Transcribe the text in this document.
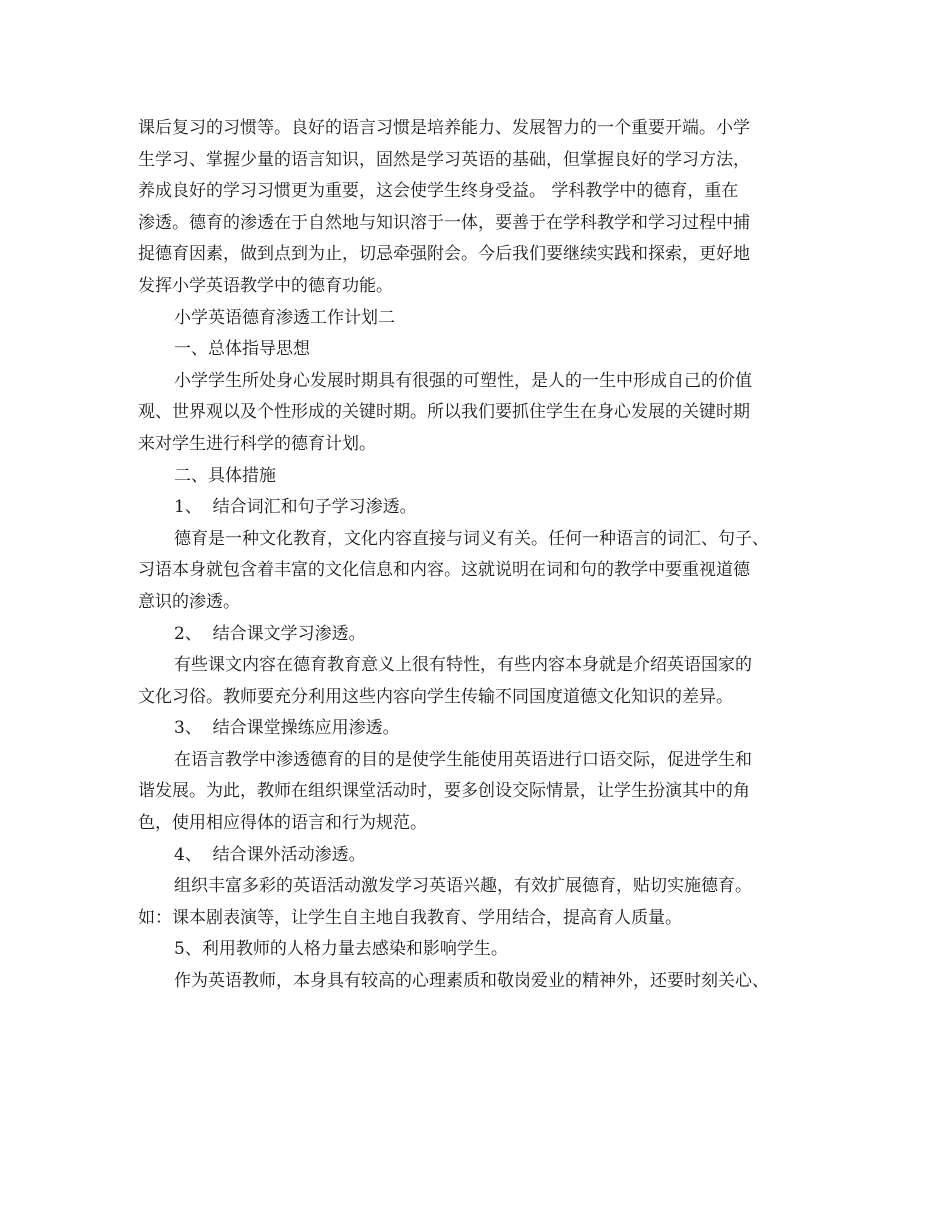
课后复习的习惯等。良好的语言习惯是培养能力、发展智力的一个重要开端。小学
生学习、掌握少量的语言知识，固然是学习英语的基础，但掌握良好的学习方法，
养成良好的学习习惯更为重要，这会使学生终身受益。 学科教学中的德育，重在
渗透。德育的渗透在于自然地与知识溶于一体，要善于在学科教学和学习过程中捕
捉德育因素，做到点到为止，切忌牵强附会。今后我们要继续实践和探索，更好地
发挥小学英语教学中的德育功能。
小学英语德育渗透工作计划二
一、总体指导思想
小学学生所处身心发展时期具有很强的可塑性，是人的一生中形成自己的价值
观、世界观以及个性形成的关键时期。所以我们要抓住学生在身心发展的关键时期
来对学生进行科学的德育计划。
二、具体措施
1、  结合词汇和句子学习渗透。
德育是一种文化教育，文化内容直接与词义有关。任何一种语言的词汇、句子、
习语本身就包含着丰富的文化信息和内容。这就说明在词和句的教学中要重视道德
意识的渗透。
2、  结合课文学习渗透。
有些课文内容在德育教育意义上很有特性，有些内容本身就是介绍英语国家的
文化习俗。教师要充分利用这些内容向学生传输不同国度道德文化知识的差异。
3、  结合课堂操练应用渗透。
在语言教学中渗透德育的目的是使学生能使用英语进行口语交际，促进学生和
谐发展。为此，教师在组织课堂活动时，要多创设交际情景，让学生扮演其中的角
色，使用相应得体的语言和行为规范。
4、  结合课外活动渗透。
组织丰富多彩的英语活动激发学习英语兴趣，有效扩展德育，贴切实施德育。
如：课本剧表演等，让学生自主地自我教育、学用结合，提高育人质量。
5、利用教师的人格力量去感染和影响学生。
作为英语教师，本身具有较高的心理素质和敬岗爱业的精神外，还要时刻关心、
